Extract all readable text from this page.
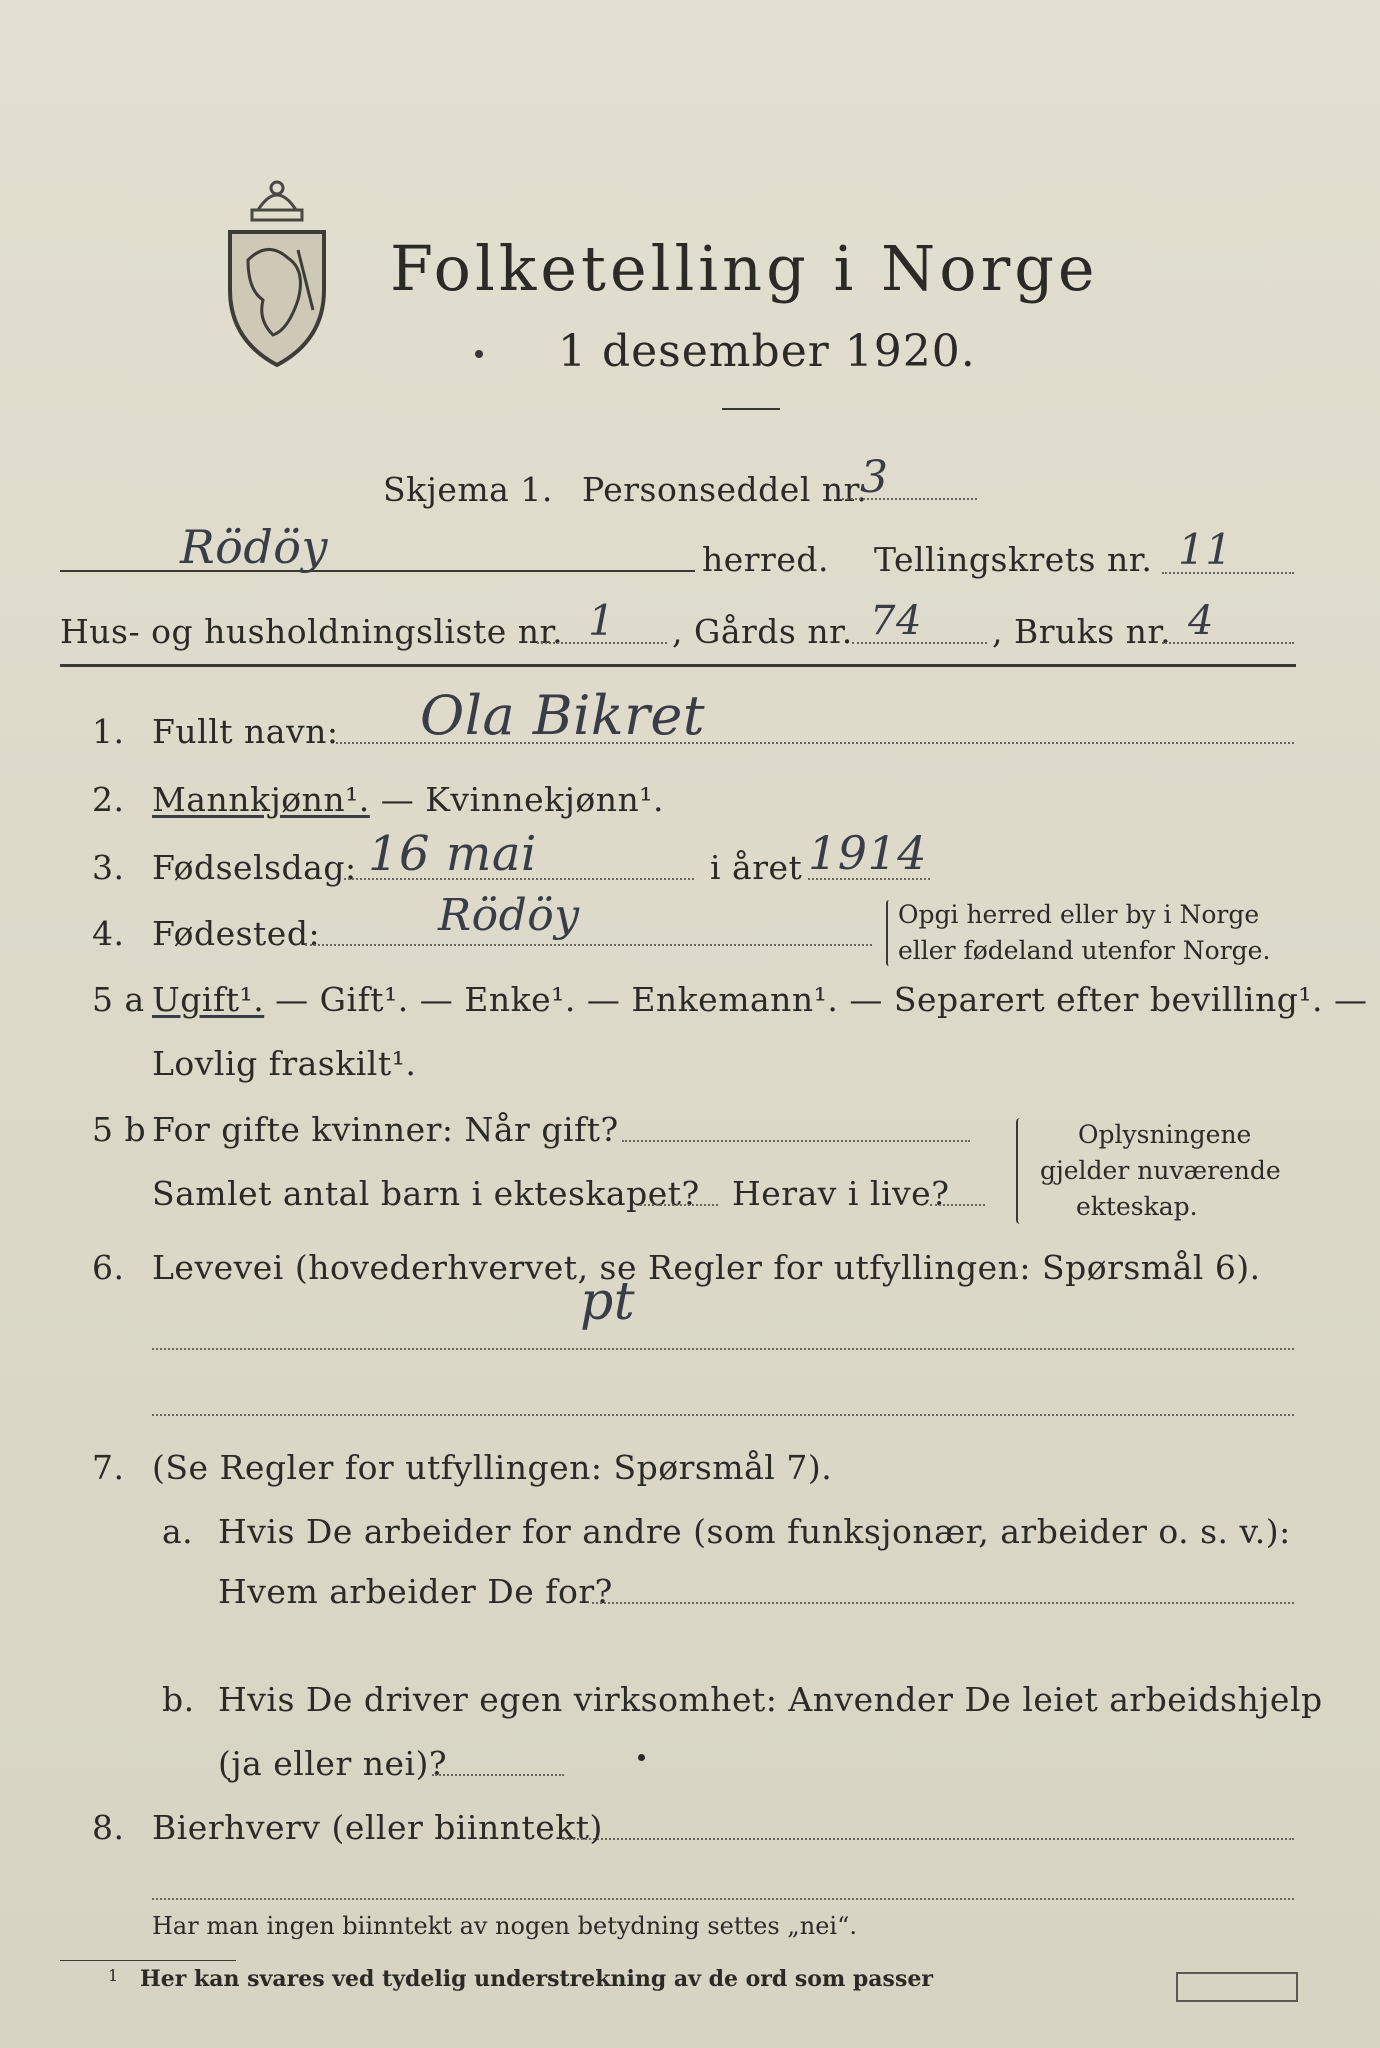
Folketelling i Norge
1 desember 1920.
Skjema 1. Personseddel nr.
3
Rödöy	herred. Tellingskrets nr. 11
Hus- og husholdningsliste nr. 1 , Gårds nr. 74 , Bruks nr. 4
1. Fullt navn: Ola Bikret
2. Mannkjønn¹. — Kvinnekjønn¹.
3. Fødselsdag: 16 mai	i året 1914
4. Fødested:	Rödöy	Opgi herred eller by i Norge
eller fødeland utenfor Norge.
5 a Ugift¹. — Gift¹. — Enke¹. — Enkemann¹. — Separert efter bevilling¹. —
Lovlig fraskilt¹.
5 b For gifte kvinner: Når gift?
Samlet antal barn i ekteskapet? Herav i live?
Oplysningene
gjelder nuværende
ekteskap.
6. Levevei (hovederhvervet, se Regler for utfyllingen: Spørsmål 6).
pt
7. (Se Regler for utfyllingen: Spørsmål 7).
a. Hvis De arbeider for andre (som funksjonær, arbeider o. s. v.):
Hvem arbeider De for?
b. Hvis De driver egen virksomhet: Anvender De leiet arbeidshjelp
(ja eller nei)?
8. Bierhverv (eller biinntekt)
Har man ingen biinntekt av nogen betydning settes „nei“.
1 Her kan svares ved tydelig understrekning av de ord som passer
